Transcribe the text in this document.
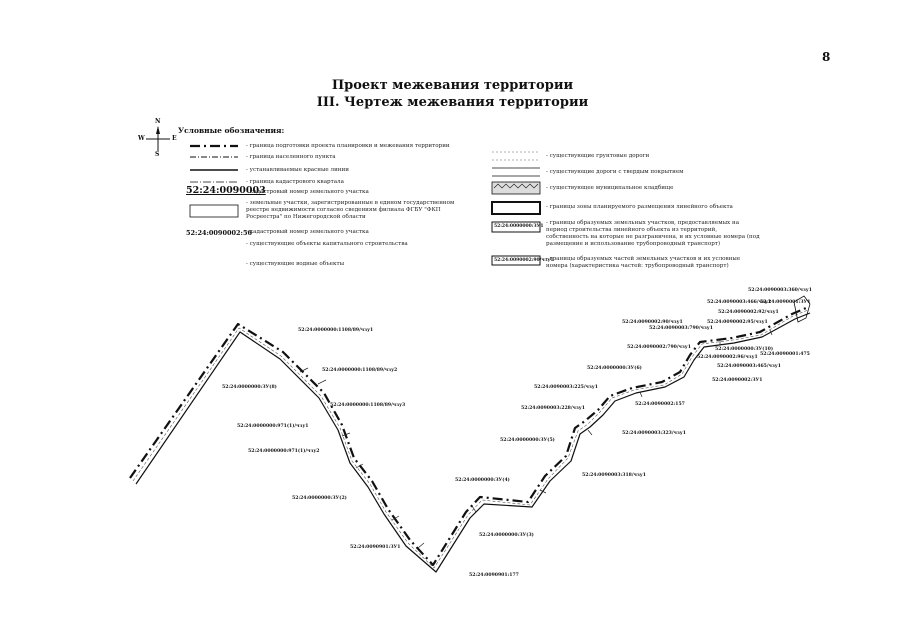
8
Проект межевания территории
III. Чертеж межевания территории
N
S
W	E
Условные обозначения:
- граница подготовки проекта планировки и межевания территории
- граница населенного пункта
- устанавливаемые красные линии
- граница кадастрового квартала
52:24:0090003
- кадастровый номер земельного участка
- земельные участки, зарегистрированные в едином государственном реестре недвижимости согласно сведениям филиала ФГБУ "ФКП Росреестра" по Нижегородской области
52:24:0090002:56
- кадастровый номер земельного участка
- существующие объекты капитального строительства
- существующие водные объекты
- существующие грунтовые дороги
- существующие дороги с твердым покрытием
- существующее муниципальное кладбище
- границы зоны планируемого размещения линейного объекта
52:24:0000000:ЗУ1
- границы образуемых земельных участков, предоставляемых на период строительства линейного объекта из территорий, собственность на которые не разграничена, и их условные номера (под размещение и использование трубопроводный транспорт)
52:24:0090002:90/чзу1
- границы образуемых частей земельных участков и их условные номера (характеристика частей: трубопроводный транспорт)
52:24:0000000:1108/89/чзу1
52:24:0000000:ЗУ(8)
52:24:0000000:1108/89/чзу2
52:24:0000000:1108/89/чзу3
52:24:0000000:971(1)/чзу1
52:24:0000000:971(1)/чзу2
52:24:0000000:ЗУ(2)
52:24:0090901:ЗУ1
52:24:0090901:177
52:24:0000000:ЗУ(3)
52:24:0000000:ЗУ(4)
52:24:0000000:ЗУ(5)
52:24:0090003:318/чзу1
52:24:0090003:228/чзу1
52:24:0090003:225/чзу1
52:24:0000000:ЗУ(6)
52:24:0090002:157
52:24:0090003:323/чзу1
52:24:0090002:ЗУ1
52:24:0090002:790/чзу1
52:24:0090002:90/чзу1	52:24:0090002:95/чзу1
52:24:0090003:790/чзу1
52:24:0090003:466/чзу1
52:24:0090001:ЗУ1
52:24:0090003:360/чзу1
52:24:0000000:ЗУ(10)
52:24:0090002:96/чзу1
52:24:0090001:475
52:24:0090003:465/чзу1
52:24:0090002:92/чзу1
